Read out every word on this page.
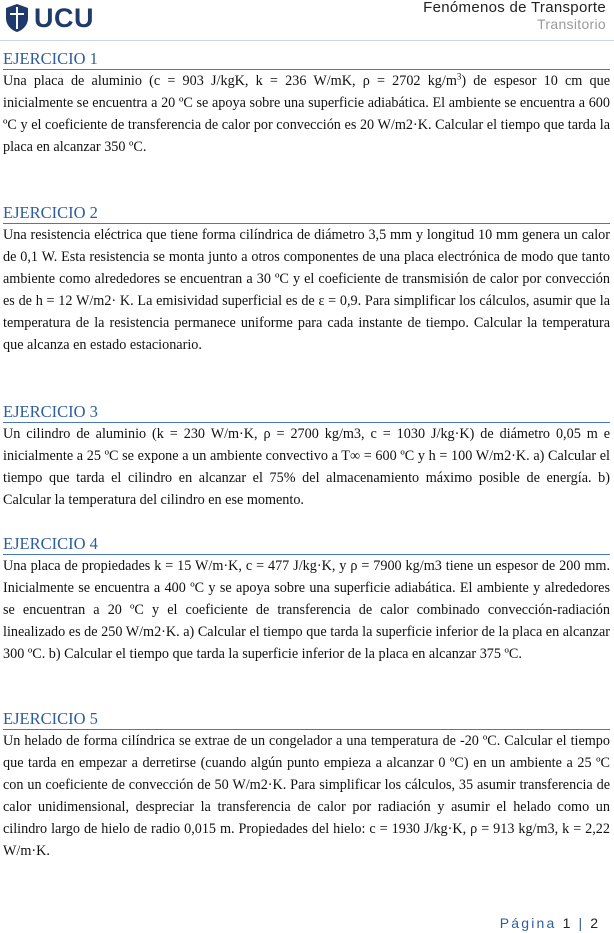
UCU	Fenómenos de Transporte
Transitorio
EJERCICIO 1
Una placa de aluminio (c = 903 J/kgK, k = 236 W/mK, ρ = 2702 $kg/m^3$) de espesor 10 cm que inicialmente se encuentra a 20 ºC se apoya sobre una superficie adiabática. El ambiente se encuentra a 600 ºC y el coeficiente de transferencia de calor por convección es 20 W/m2·K. Calcular el tiempo que tarda la placa en alcanzar 350 ºC.
EJERCICIO 2
Una resistencia eléctrica que tiene forma cilíndrica de diámetro 3,5 mm y longitud 10 mm genera un calor de 0,1 W. Esta resistencia se monta junto a otros componentes de una placa electrónica de modo que tanto ambiente como alrededores se encuentran a 30 ºC y el coeficiente de transmisión de calor por convección es de h = 12 W/m2· K. La emisividad superficial es de ε = 0,9. Para simplificar los cálculos, asumir que la temperatura de la resistencia permanece uniforme para cada instante de tiempo. Calcular la temperatura que alcanza en estado estacionario.
EJERCICIO 3
Un cilindro de aluminio (k = 230 W/m·K, ρ = 2700 kg/m3, c = 1030 J/kg·K) de diámetro 0,05 m e inicialmente a 25 ºC se expone a un ambiente convectivo a T∞ = 600 ºC y h = 100 W/m2·K. a) Calcular el tiempo que tarda el cilindro en alcanzar el 75% del almacenamiento máximo posible de energía. b) Calcular la temperatura del cilindro en ese momento.
EJERCICIO 4
Una placa de propiedades k = 15 W/m·K, c = 477 J/kg·K, y ρ = 7900 kg/m3 tiene un espesor de 200 mm. Inicialmente se encuentra a 400 ºC y se apoya sobre una superficie adiabática. El ambiente y alrededores se encuentran a 20 ºC y el coeficiente de transferencia de calor combinado convección-radiación linealizado es de 250 W/m2·K. a) Calcular el tiempo que tarda la superficie inferior de la placa en alcanzar 300 ºC. b) Calcular el tiempo que tarda la superficie inferior de la placa en alcanzar 375 ºC.
EJERCICIO 5
Un helado de forma cilíndrica se extrae de un congelador a una temperatura de -20 ºC. Calcular el tiempo que tarda en empezar a derretirse (cuando algún punto empieza a alcanzar 0 ºC) en un ambiente a 25 ºC con un coeficiente de convección de 50 W/m2·K. Para simplificar los cálculos, 35 asumir transferencia de calor unidimensional, despreciar la transferencia de calor por radiación y asumir el helado como un cilindro largo de hielo de radio 0,015 m. Propiedades del hielo: c = 1930 J/kg·K, ρ = 913 kg/m3, k = 2,22 W/m·K.
Página 1 | 2
